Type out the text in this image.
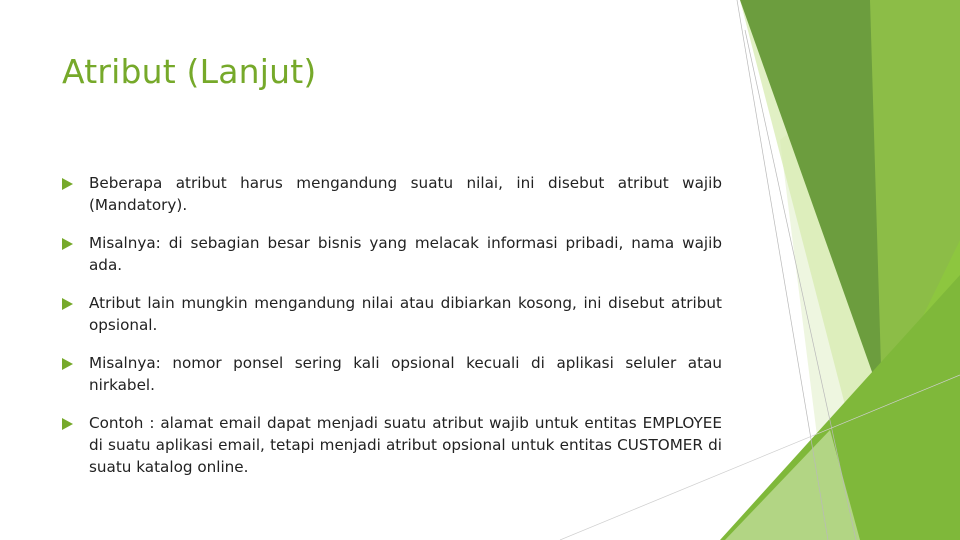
Atribut (Lanjut)
Beberapa atribut harus mengandung suatu nilai, ini disebut atribut wajib (Mandatory).
Misalnya: di sebagian besar bisnis yang melacak informasi pribadi, nama wajib ada.
Atribut lain mungkin mengandung nilai atau dibiarkan kosong, ini disebut atribut opsional.
Misalnya: nomor ponsel sering kali opsional kecuali di aplikasi seluler atau nirkabel.
Contoh : alamat email dapat menjadi suatu atribut wajib untuk entitas EMPLOYEE di suatu aplikasi email, tetapi menjadi atribut opsional untuk entitas CUSTOMER di suatu katalog online.
